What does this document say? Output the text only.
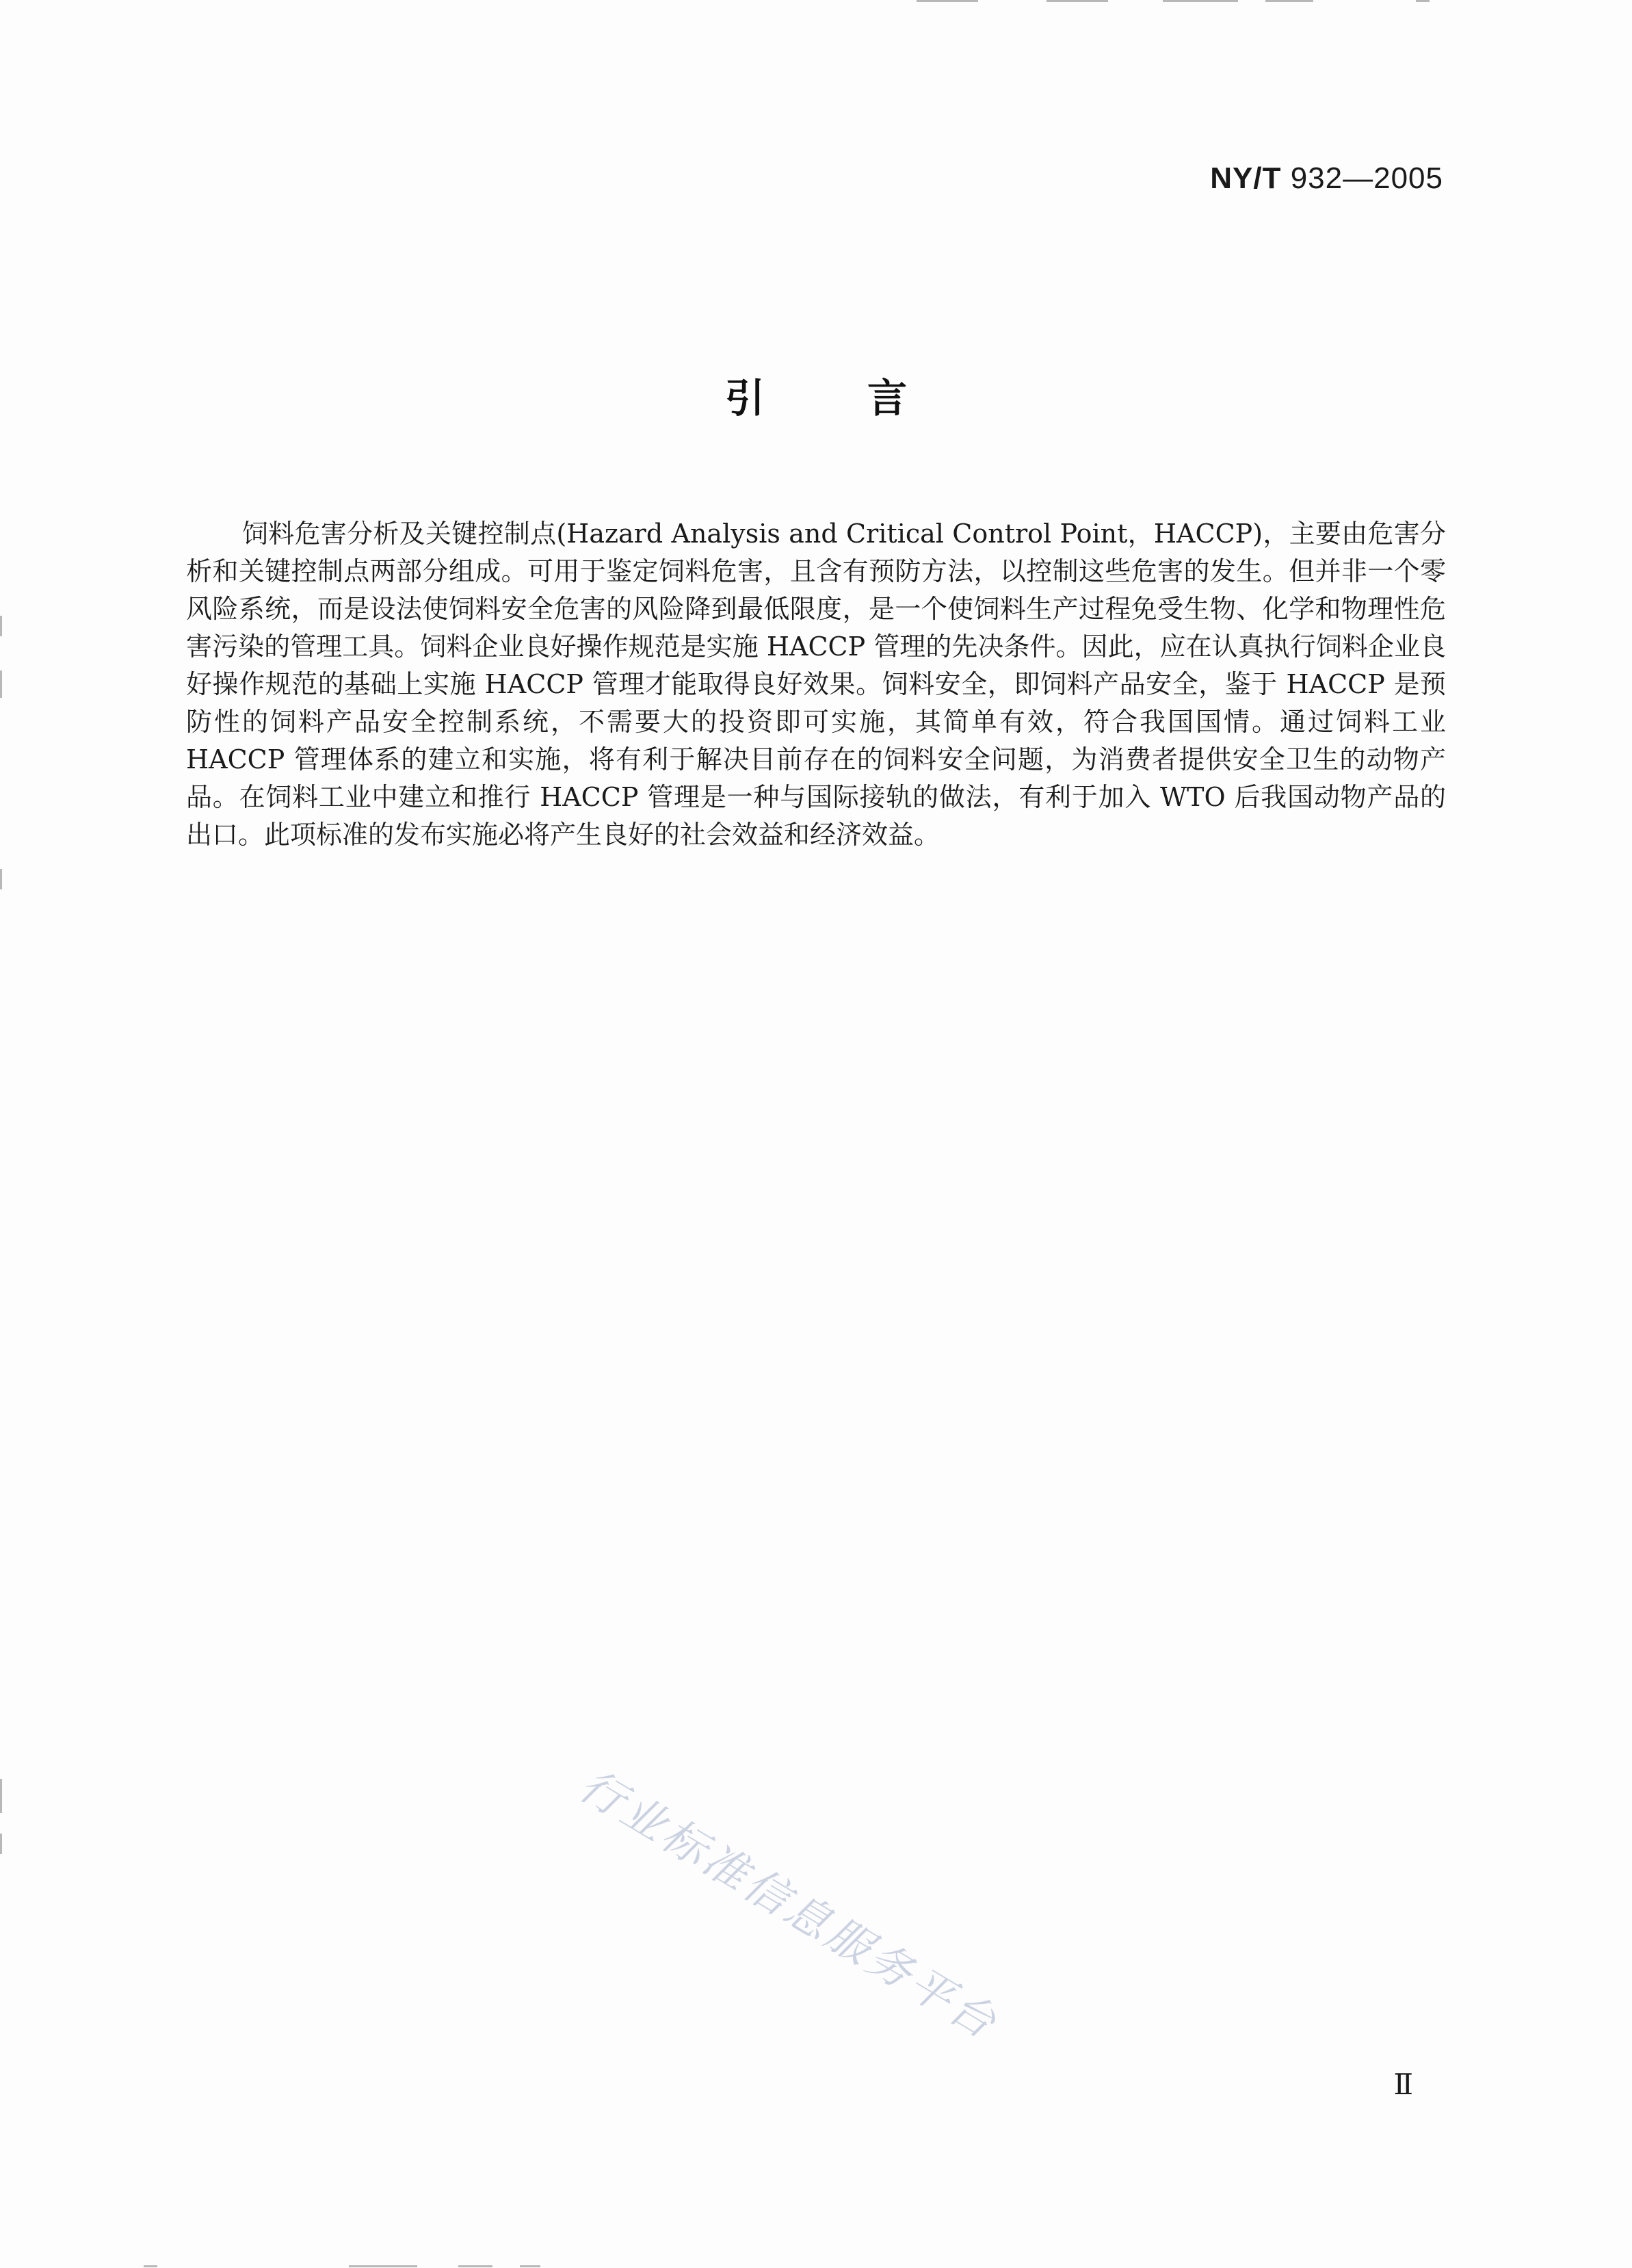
NY/T 932—2005
引言

饲料危害分析及关键控制点(Hazard Analysis and Critical Control Point，HACCP)，主要由危害分析和关键控制点两部分组成。可用于鉴定饲料危害，且含有预防方法，以控制这些危害的发生。但并非一个零风险系统，而是设法使饲料安全危害的风险降到最低限度，是一个使饲料生产过程免受生物、化学和物理性危害污染的管理工具。饲料企业良好操作规范是实施 HACCP 管理的先决条件。因此，应在认真执行饲料企业良好操作规范的基础上实施 HACCP 管理才能取得良好效果。饲料安全，即饲料产品安全，鉴于 HACCP 是预防性的饲料产品安全控制系统，不需要大的投资即可实施，其简单有效，符合我国国情。通过饲料工业 HACCP 管理体系的建立和实施，将有利于解决目前存在的饲料安全问题，为消费者提供安全卫生的动物产品。在饲料工业中建立和推行 HACCP 管理是一种与国际接轨的做法，有利于加入 WTO 后我国动物产品的出口。此项标准的发布实施必将产生良好的社会效益和经济效益。

行业标准信息服务平台
Ⅱ
